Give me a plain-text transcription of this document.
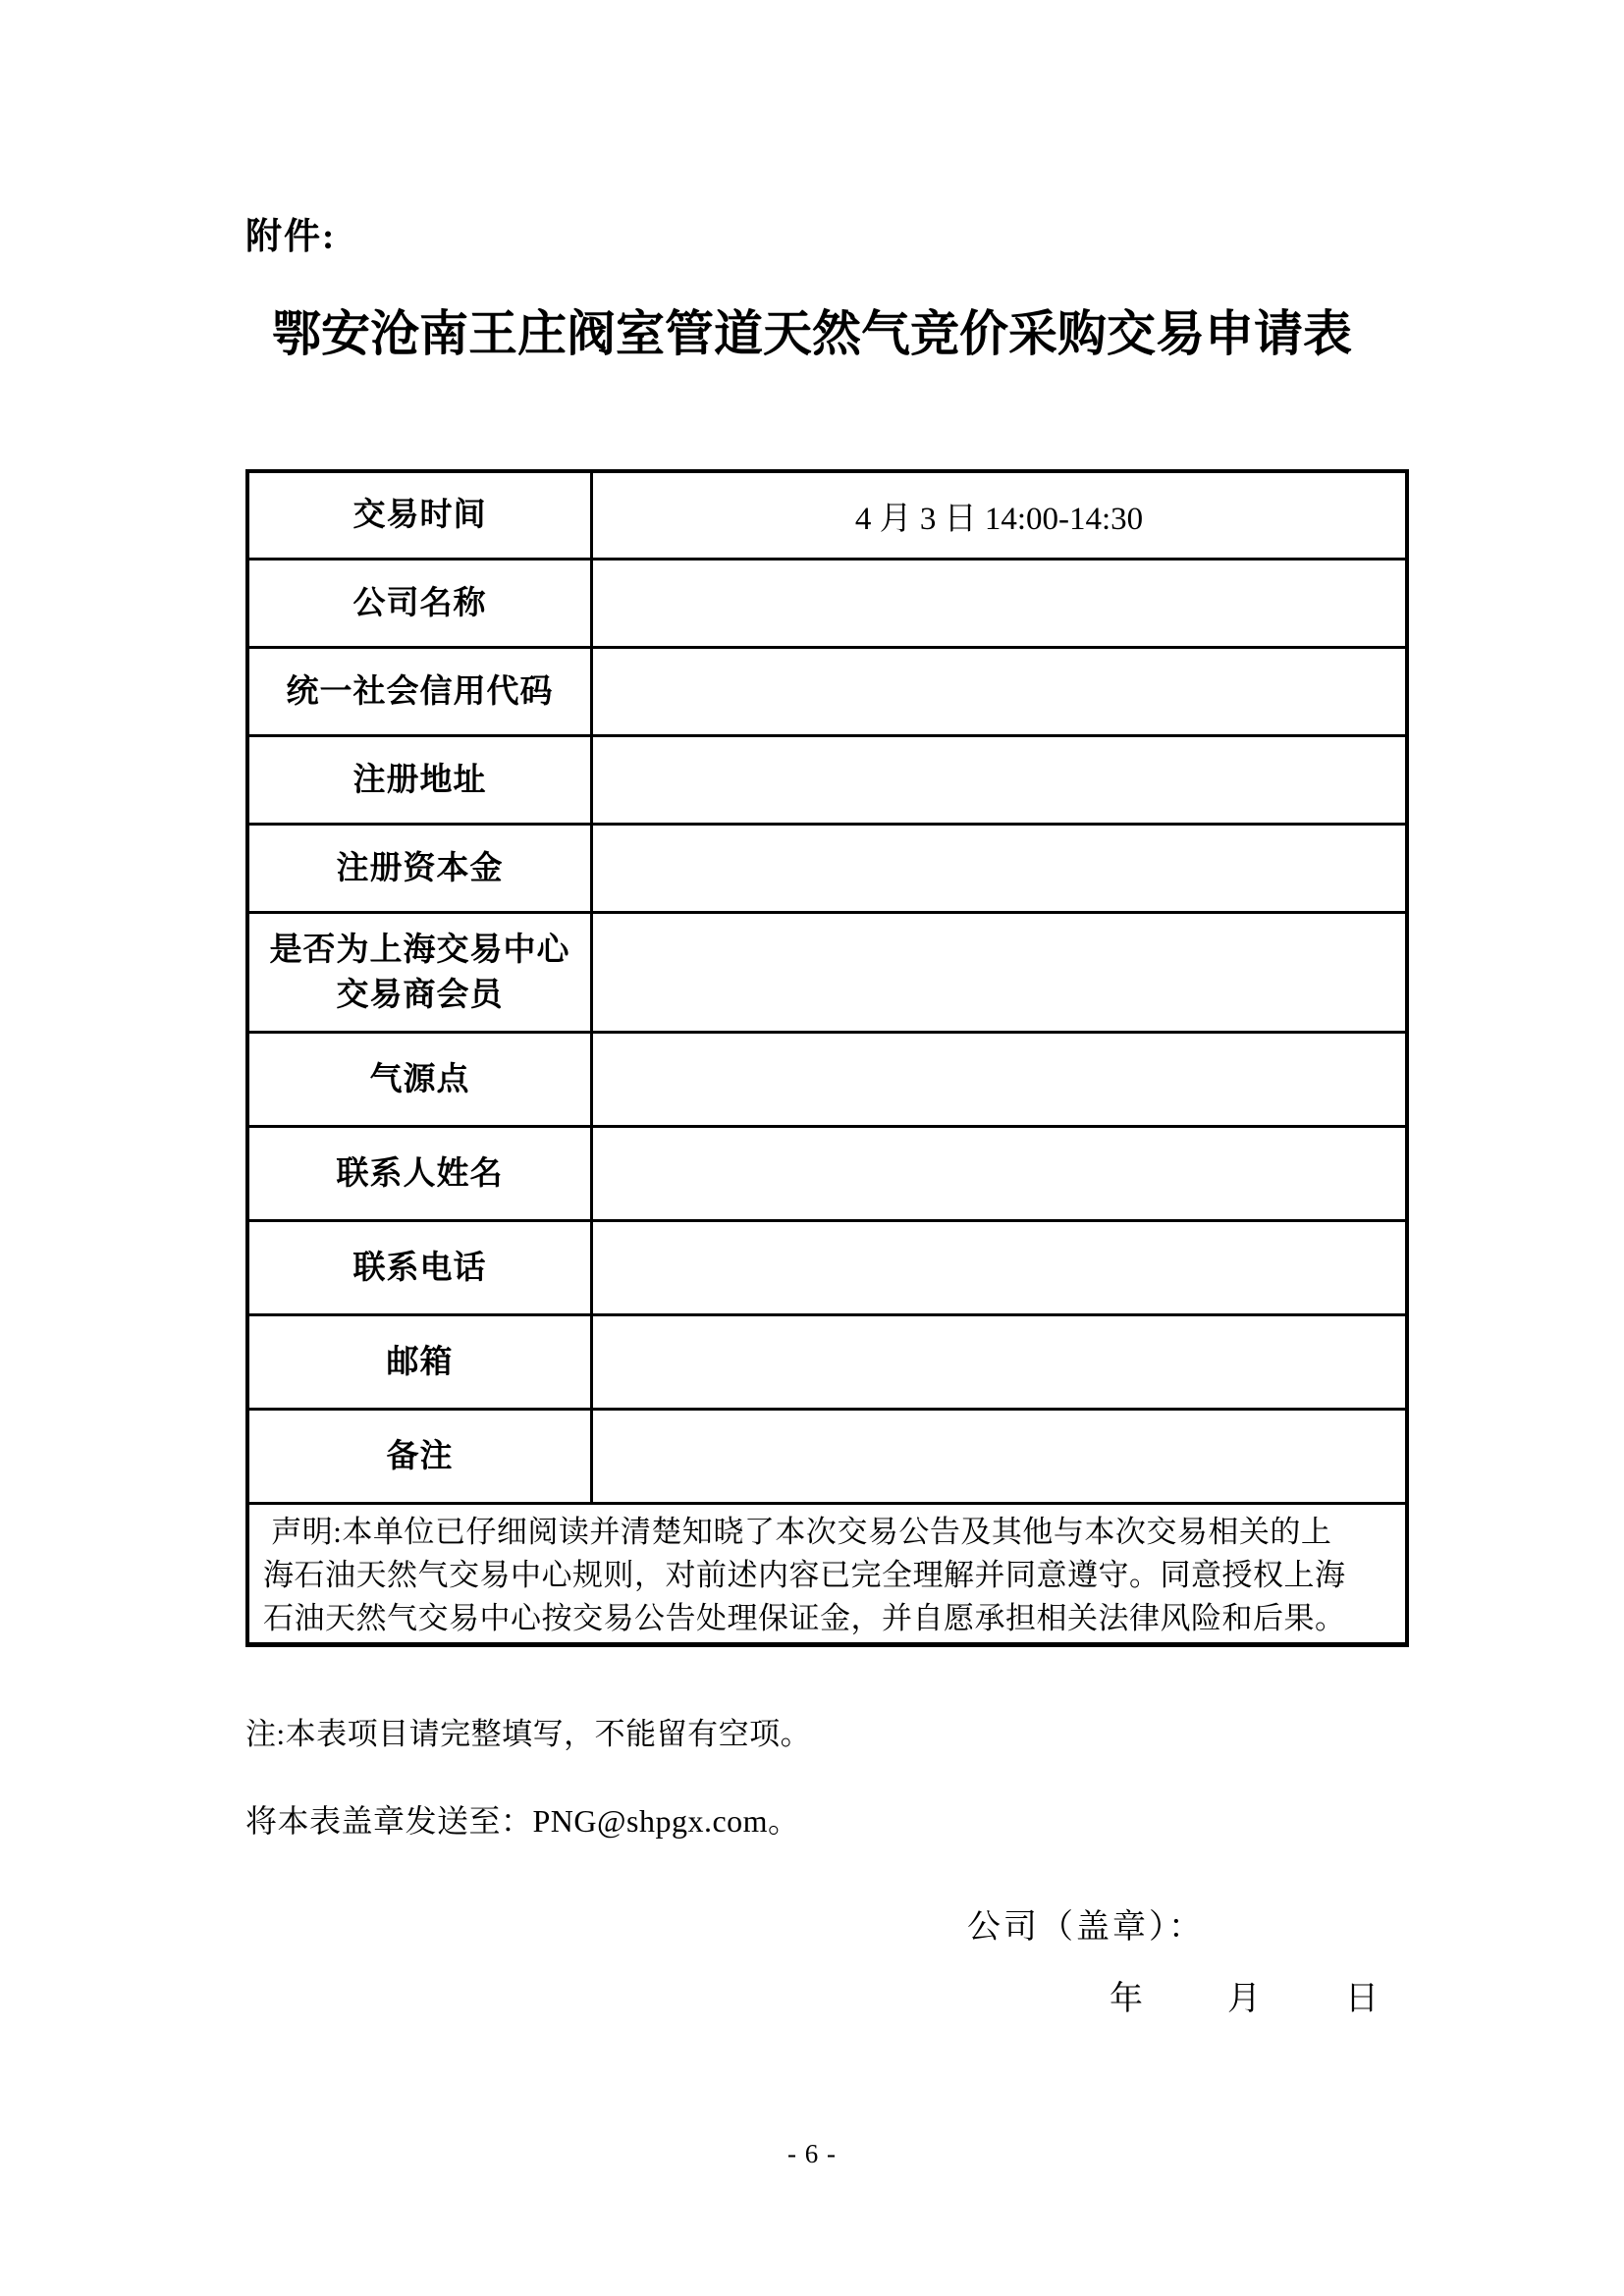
附件:
鄂安沧南王庄阀室管道天然气竞价采购交易申请表
交易时间	4 月 3 日 14:00-14:30
公司名称
统一社会信用代码
注册地址
注册资本金
是否为上海交易中心
交易商会员
气源点
联系人姓名
联系电话
邮箱
备注
声明:本单位已仔细阅读并清楚知晓了本次交易公告及其他与本次交易相关的上
海石油天然气交易中心规则，对前述内容已完全理解并同意遵守。同意授权上海
石油天然气交易中心按交易公告处理保证金，并自愿承担相关法律风险和后果。
注:本表项目请完整填写，不能留有空项。
将本表盖章发送至：PNG@shpgx.com。
公司（盖章）：
年	月	日
- 6 -
